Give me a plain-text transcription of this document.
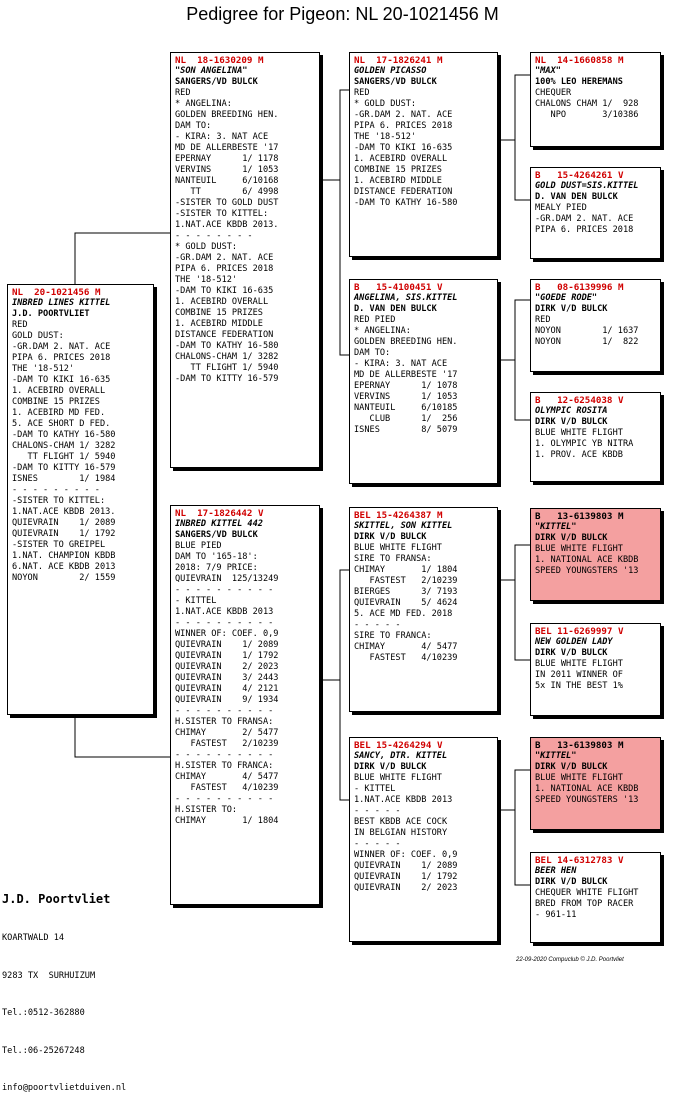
Pedigree for Pigeon: NL 20-1021456 M
NL  20-1021456 M
INBRED LINES KITTEL
J.D. POORTVLIET
RED
GOLD DUST:
-GR.DAM 2. NAT. ACE
PIPA 6. PRICES 2018
THE '18-512'
-DAM TO KIKI 16-635
1. ACEBIRD OVERALL
COMBINE 15 PRIZES
1. ACEBIRD MD FED.
5. ACE SHORT D FED.
-DAM TO KATHY 16-580
CHALONS-CHAM 1/ 3282
TT FLIGHT 1/ 5940
-DAM TO KITTY 16-579
ISNES        1/ 1984
- - - - - - - - -
-SISTER TO KITTEL:
1.NAT.ACE KBDB 2013.
QUIEVRAIN    1/ 2089
QUIEVRAIN    1/ 1792
-SISTER TO GREIPEL
1.NAT. CHAMPION KBDB
6.NAT. ACE KBDB 2013
NOYON        2/ 1559
NL  18-1630209 M
"SON ANGELINA"
SANGERS/VD BULCK
RED
* ANGELINA:
GOLDEN BREEDING HEN.
DAM TO:
- KIRA: 3. NAT ACE
MD DE ALLERBESTE '17
EPERNAY      1/ 1178
VERVINS      1/ 1053
NANTEUIL     6/10168
TT        6/ 4998
-SISTER TO GOLD DUST
-SISTER TO KITTEL:
1.NAT.ACE KBDB 2013.
- - - - - - - -
* GOLD DUST:
-GR.DAM 2. NAT. ACE
PIPA 6. PRICES 2018
THE '18-512'
-DAM TO KIKI 16-635
1. ACEBIRD OVERALL
COMBINE 15 PRIZES
1. ACEBIRD MIDDLE
DISTANCE FEDERATION
-DAM TO KATHY 16-580
CHALONS-CHAM 1/ 3282
TT FLIGHT 1/ 5940
-DAM TO KITTY 16-579
NL  17-1826442 V
INBRED KITTEL 442
SANGERS/VD BULCK
BLUE PIED
DAM TO '165-18':
2018: 7/9 PRICE:
QUIEVRAIN  125/13249
- - - - - - - - - -
- KITTEL
1.NAT.ACE KBDB 2013
- - - - - - - - - -
WINNER OF: COEF. 0,9
QUIEVRAIN    1/ 2089
QUIEVRAIN    1/ 1792
QUIEVRAIN    2/ 2023
QUIEVRAIN    3/ 2443
QUIEVRAIN    4/ 2121
QUIEVRAIN    9/ 1934
- - - - - - - - - -
H.SISTER TO FRANSA:
CHIMAY       2/ 5477
FASTEST   2/10239
- - - - - - - - - -
H.SISTER TO FRANCA:
CHIMAY       4/ 5477
FASTEST   4/10239
- - - - - - - - - -
H.SISTER TO:
CHIMAY       1/ 1804
NL  17-1826241 M
GOLDEN PICASSO
SANGERS/VD BULCK
RED
* GOLD DUST:
-GR.DAM 2. NAT. ACE
PIPA 6. PRICES 2018
THE '18-512'
-DAM TO KIKI 16-635
1. ACEBIRD OVERALL
COMBINE 15 PRIZES
1. ACEBIRD MIDDLE
DISTANCE FEDERATION
-DAM TO KATHY 16-580
B   15-4100451 V
ANGELINA, SIS.KITTEL
D. VAN DEN BULCK
RED PIED
* ANGELINA:
GOLDEN BREEDING HEN.
DAM TO:
- KIRA: 3. NAT ACE
MD DE ALLERBESTE '17
EPERNAY      1/ 1078
VERVINS      1/ 1053
NANTEUIL     6/10185
CLUB      1/  256
ISNES        8/ 5079
BEL 15-4264387 M
SKITTEL, SON KITTEL
DIRK V/D BULCK
BLUE WHITE FLIGHT
SIRE TO FRANSA:
CHIMAY       1/ 1804
FASTEST   2/10239
BIERGES      3/ 7193
QUIEVRAIN    5/ 4624
5. ACE MD FED. 2018
- - - - -
SIRE TO FRANCA:
CHIMAY       4/ 5477
FASTEST   4/10239
BEL 15-4264294 V
SANCY, DTR. KITTEL
DIRK V/D BULCK
BLUE WHITE FLIGHT
- KITTEL
1.NAT.ACE KBDB 2013
- - - - -
BEST KBDB ACE COCK
IN BELGIAN HISTORY
- - - - -
WINNER OF: COEF. 0,9
QUIEVRAIN    1/ 2089
QUIEVRAIN    1/ 1792
QUIEVRAIN    2/ 2023
NL  14-1660858 M
"MAX"
100% LEO HEREMANS
CHEQUER
CHALONS CHAM 1/  928
NPO       3/10386
B   15-4264261 V
GOLD DUST=SIS.KITTEL
D. VAN DEN BULCK
MEALY PIED
-GR.DAM 2. NAT. ACE
PIPA 6. PRICES 2018
B   08-6139996 M
"GOEDE RODE"
DIRK V/D BULCK
RED
NOYON        1/ 1637
NOYON        1/  822
B   12-6254038 V
OLYMPIC ROSITA
DIRK V/D BULCK
BLUE WHITE FLIGHT
1. OLYMPIC YB NITRA
1. PROV. ACE KBDB
B   13-6139803 M
"KITTEL"
DIRK V/D BULCK
BLUE WHITE FLIGHT
1. NATIONAL ACE KBDB
SPEED YOUNGSTERS '13
BEL 11-6269997 V
NEW GOLDEN LADY
DIRK V/D BULCK
BLUE WHITE FLIGHT
IN 2011 WINNER OF
5x IN THE BEST 1%
B   13-6139803 M
"KITTEL"
DIRK V/D BULCK
BLUE WHITE FLIGHT
1. NATIONAL ACE KBDB
SPEED YOUNGSTERS '13
BEL 14-6312783 V
BEER HEN
DIRK V/D BULCK
CHEQUER WHITE FLIGHT
BRED FROM TOP RACER
- 961-11

J.D. Poortvliet

KOARTWALD 14

9283 TX  SURHUIZUM

Tel.:0512-362880

Tel.:06-25267248

info@poortvlietduiven.nl

22-09-2020 Compuclub © J.D. Poortvliet
